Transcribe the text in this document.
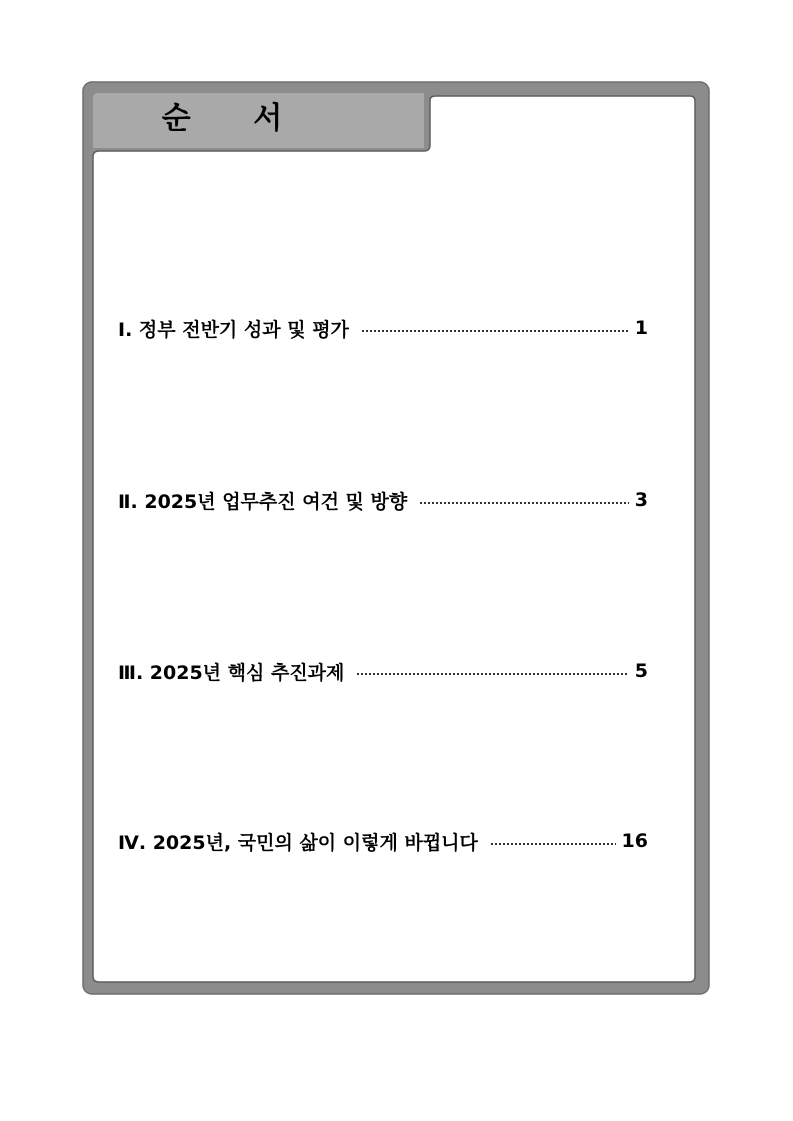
순 서
Ⅰ. 정부 전반기 성과 및 평가	1
Ⅱ. 2025년 업무추진 여건 및 방향	3
Ⅲ. 2025년 핵심 추진과제	5
Ⅳ. 2025년, 국민의 삶이 이렇게 바뀝니다	16
